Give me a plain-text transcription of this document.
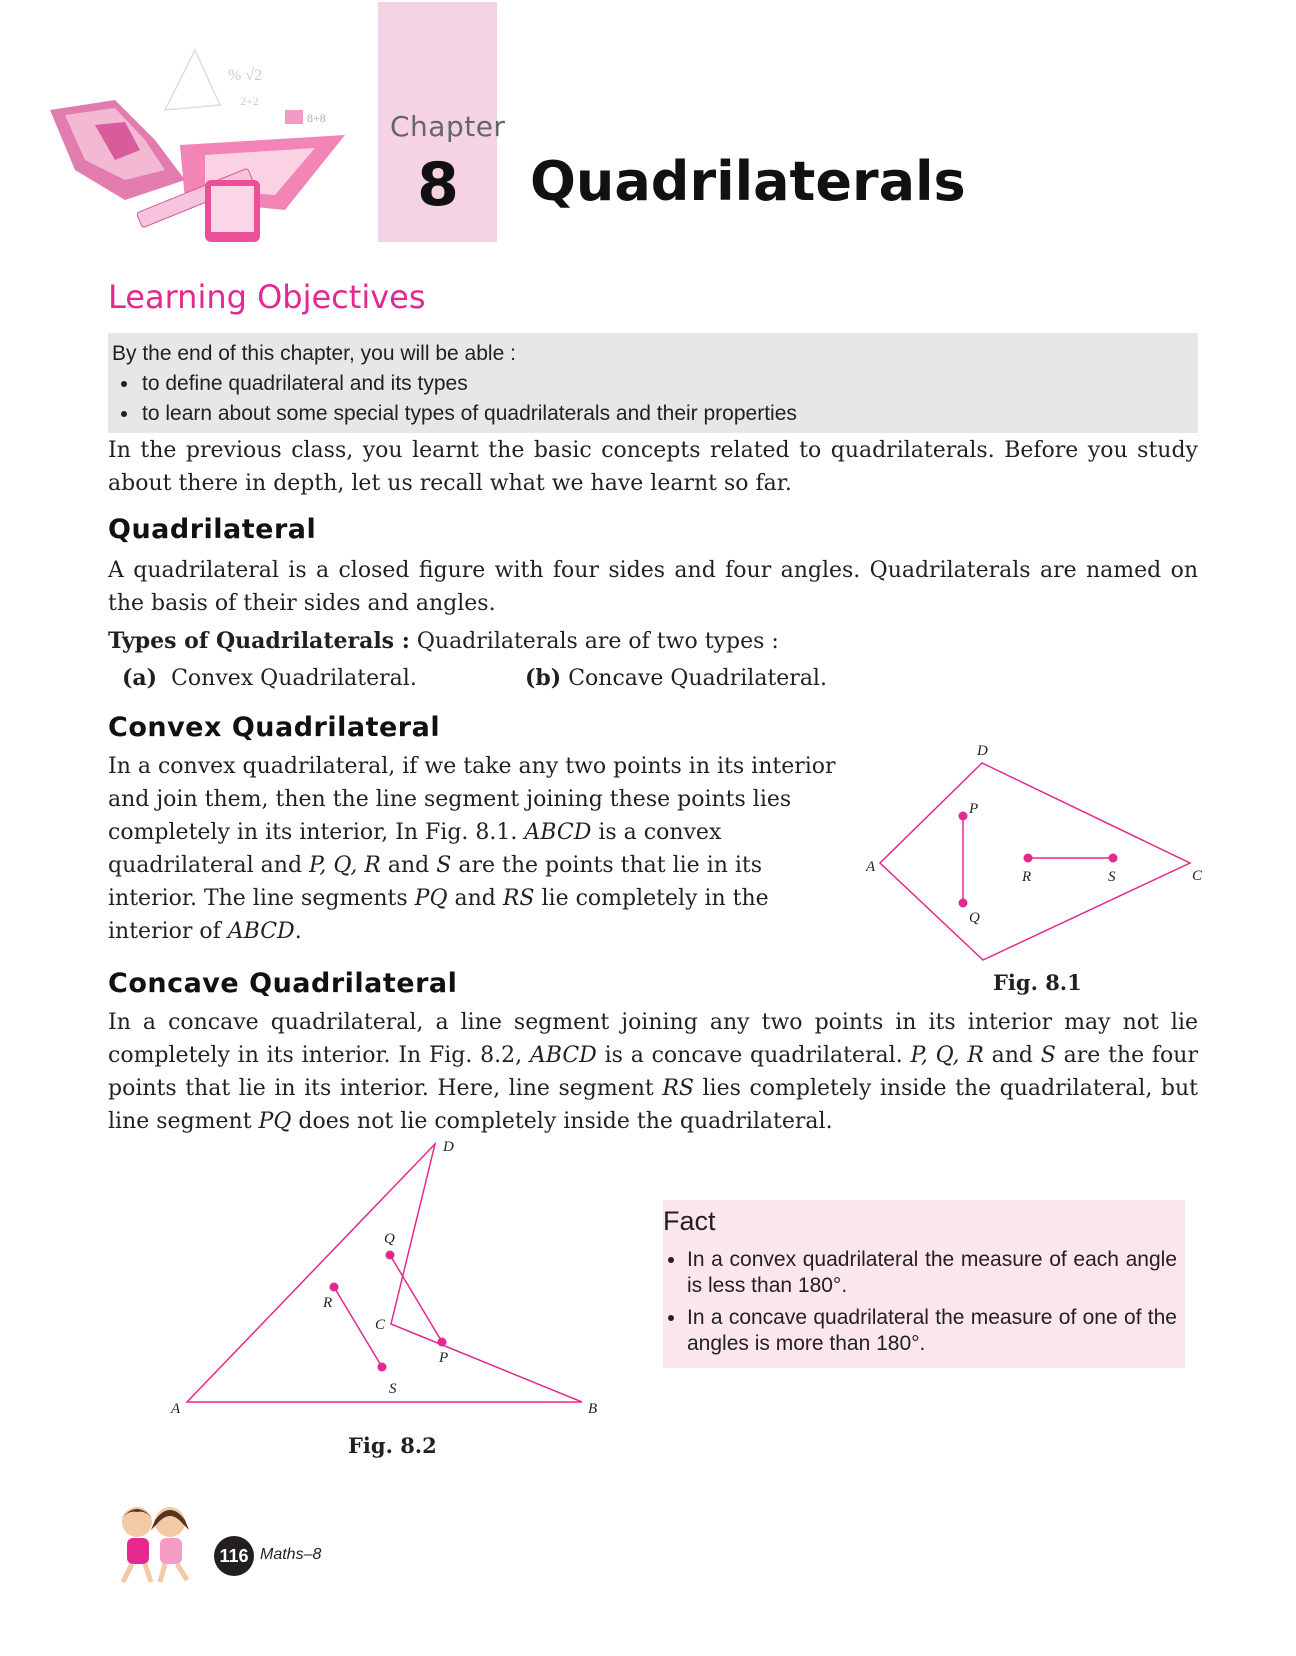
% √2
2+2
8+8 Chapter
8	Quadrilaterals
Learning Objectives
By the end of this chapter, you will be able :
• to define quadrilateral and its types
• to learn about some special types of quadrilaterals and their properties
In the previous class, you learnt the basic concepts related to quadrilaterals. Before you study about there in depth, let us recall what we have learnt so far.
Quadrilateral
A quadrilateral is a closed figure with four sides and four angles. Quadrilaterals are named on the basis of their sides and angles.
Types of Quadrilaterals : Quadrilaterals are of two types :
(a) Convex Quadrilateral.	(b) Concave Quadrilateral.
Convex Quadrilateral
In a convex quadrilateral, if we take any two points in its interior and join them, then the line segment joining these points lies completely in its interior, In Fig. 8.1. ABCD is a convex quadrilateral and P, Q, R and S are the points that lie in its interior. The line segments PQ and RS lie completely in the interior of ABCD.
A
D
C
P
Q
R	S
Fig. 8.1
Concave Quadrilateral
In a concave quadrilateral, a line segment joining any two points in its interior may not lie completely in its interior. In Fig. 8.2, ABCD is a concave quadrilateral. P, Q, R and S are the four points that lie in its interior. Here, line segment RS lies completely inside the quadrilateral, but line segment PQ does not lie completely inside the quadrilateral.
A	B
C
D
P
Q
R
S
Fig. 8.2
Fact
• In a convex quadrilateral the measure of each angle is less than 180°.
• In a concave quadrilateral the measure of one of the angles is more than 180°.
116 Maths–8
